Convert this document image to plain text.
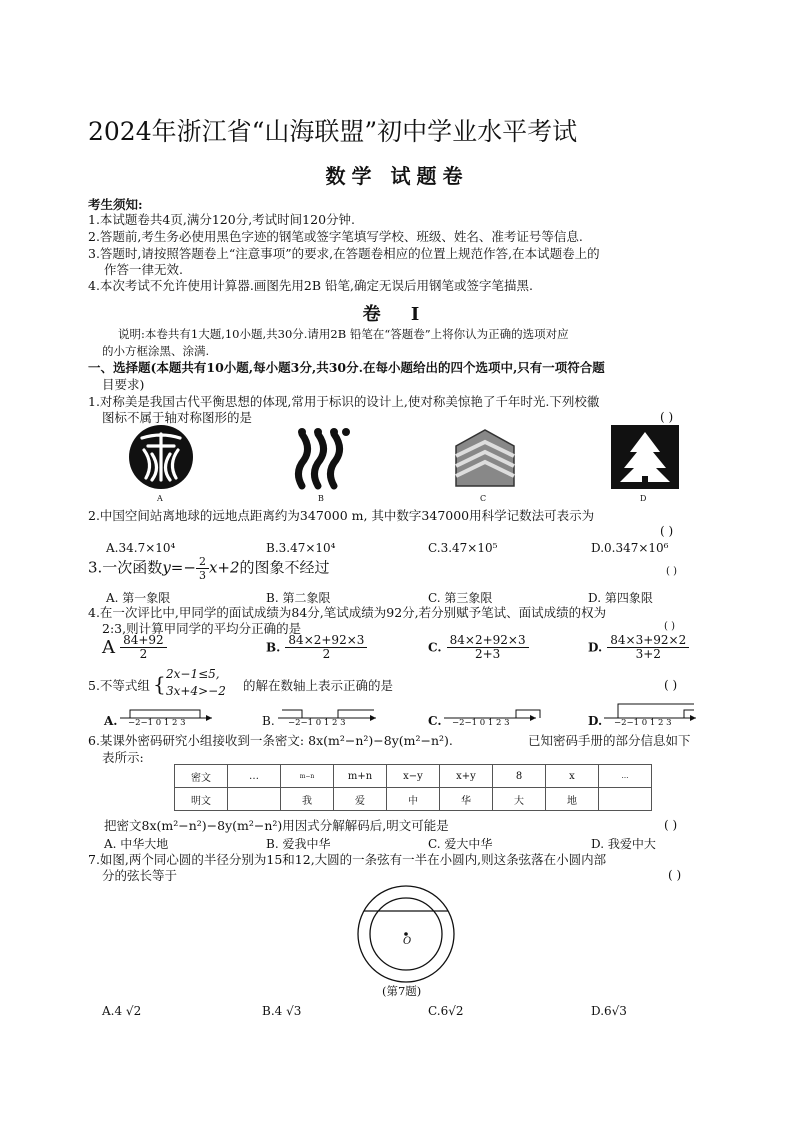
2024年浙江省“山海联盟”初中学业水平考试
数学 试题卷
考生须知:
1.本试题卷共4页,满分120分,考试时间120分钟.
2.答题前,考生务必使用黑色字迹的钢笔或签字笔填写学校、班级、姓名、准考证号等信息.
3.答题时,请按照答题卷上“注意事项”的要求,在答题卷相应的位置上规范作答,在本试题卷上的
作答一律无效.
4.本次考试不允许使用计算器.画图先用2B 铅笔,确定无误后用钢笔或签字笔描黑.
卷 I
说明:本卷共有1大题,10小题,共30分.请用2B 铅笔在“答题卷”上将你认为正确的选项对应
的小方框涂黑、涂满.
一、选择题(本题共有10小题,每小题3分,共30分.在每小题给出的四个选项中,只有一项符合题
目要求)
1.对称美是我国古代平衡思想的体现,常用于标识的设计上,使对称美惊艳了千年时光.下列校徽
图标不属于轴对称图形的是	( )
A	B	C	D
2.中国空间站离地球的远地点距离约为347000 m, 其中数字347000用科学记数法可表示为
( )
A.34.7×10⁴	B.3.47×10⁴	C.3.47×10⁵	D.0.347×10⁶
3.一次函数$y=- \frac{2}{3} x+2$的图象不经过	( )
A. 第一象限	B. 第二象限	C. 第三象限	D. 第四象限
4.在一次评比中,甲同学的面试成绩为84分,笔试成绩为92分,若分别赋予笔试、面试成绩的权为
2:3,则计算甲同学的平均分正确的是	( )
A $\frac{84+92}{2}$	B. $\frac{84\times 2+92\times 3}{2}$	C. $\frac{84\times 2+92\times 3}{2+3}$	D. $\frac{84\times 3+92\times 2}{3+2}$
5.不等式组 { 2x−1≤5,
3x+4>−2 的解在数轴上表示正确的是	( )
A. −2−1 0 1 2 3	B. −2−1 0 1 2 3	C. −2−1 0 1 2 3	D. −2−1 0 1 2 3
6.某课外密码研究小组接收到一条密文: 8x(m²−n²)−8y(m²−n²).	已知密码手册的部分信息如下
表所示:
密文	…	m−n	m+n	x−y	x+y	8	x	…
明文		我	爱	中	华	大	地	
把密文8x(m²−n²)−8y(m²−n²)用因式分解解码后,明文可能是	( )
A. 中华大地	B. 爱我中华	C. 爱大中华	D. 我爱中大
7.如图,两个同心圆的半径分别为15和12,大圆的一条弦有一半在小圆内,则这条弦落在小圆内部
分的弦长等于	( )
O
(第7题)
A.4 √2	B.4 √3	C.6√2	D.6√3
